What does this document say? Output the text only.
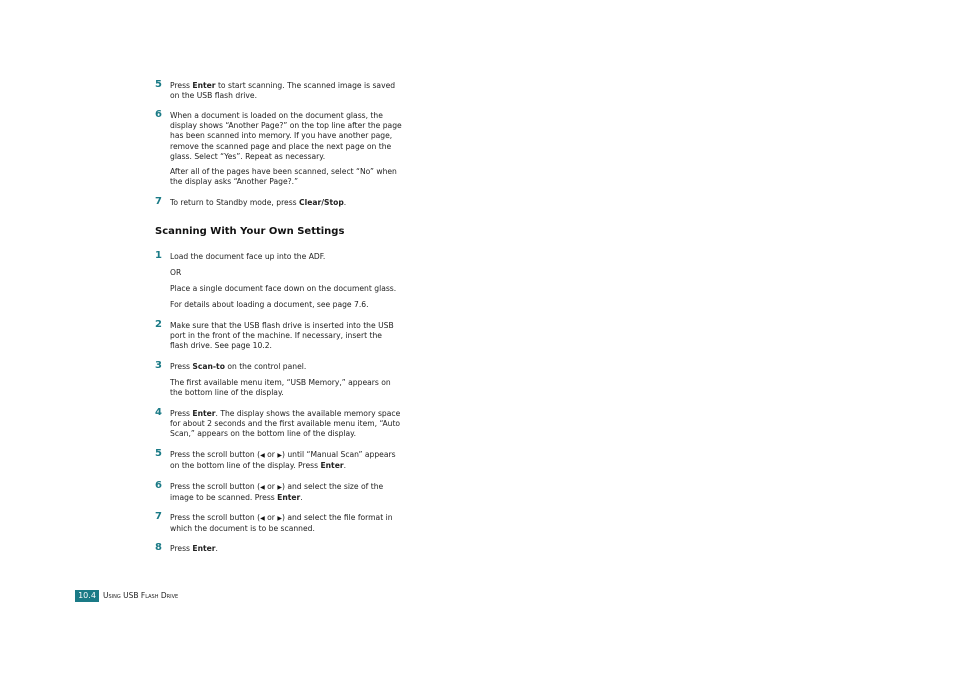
5	Press Enter to start scanning. The scanned image is saved on the USB flash drive.
6	When a document is loaded on the document glass, the display shows “Another Page?” on the top line after the page has been scanned into memory. If you have another page, remove the scanned page and place the next page on the glass. Select “Yes”. Repeat as necessary.
After all of the pages have been scanned, select “No” when the display asks “Another Page?.”
7	To return to Standby mode, press Clear/Stop.
Scanning With Your Own Settings
1	Load the document face up into the ADF.
OR
Place a single document face down on the document glass.
For details about loading a document, see page 7.6.
2	Make sure that the USB flash drive is inserted into the USB port in the front of the machine. If necessary, insert the flash drive. See page 10.2.
3	Press Scan-to on the control panel.
The first available menu item, “USB Memory,” appears on the bottom line of the display.
4	Press Enter. The display shows the available memory space for about 2 seconds and the first available menu item, “Auto Scan,” appears on the bottom line of the display.
5	Press the scroll button (◀ or ▶) until “Manual Scan” appears on the bottom line of the display. Press Enter.
6	Press the scroll button (◀ or ▶) and select the size of the image to be scanned. Press Enter.
7	Press the scroll button (◀ or ▶) and select the file format in which the document is to be scanned.
8	Press Enter.
10.4 Using USB Flash Drive
